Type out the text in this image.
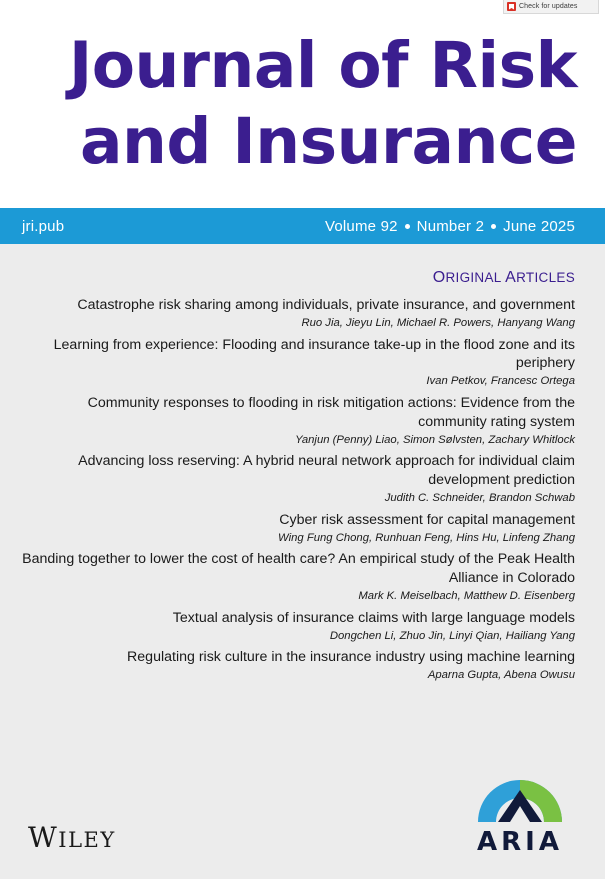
Check for updates
Journal of Risk
and Insurance
jri.pub	Volume 92 Number 2 June 2025
ORIGINAL ARTICLES
Catastrophe risk sharing among individuals, private insurance, and government
Ruo Jia, Jieyu Lin, Michael R. Powers, Hanyang Wang
Learning from experience: Flooding and insurance take-up in the flood zone and its periphery
Ivan Petkov, Francesc Ortega
Community responses to flooding in risk mitigation actions: Evidence from the community rating system
Yanjun (Penny) Liao, Simon Sølvsten, Zachary Whitlock
Advancing loss reserving: A hybrid neural network approach for individual claim development prediction
Judith C. Schneider, Brandon Schwab
Cyber risk assessment for capital management
Wing Fung Chong, Runhuan Feng, Hins Hu, Linfeng Zhang
Banding together to lower the cost of health care? An empirical study of the Peak Health Alliance in Colorado
Mark K. Meiselbach, Matthew D. Eisenberg
Textual analysis of insurance claims with large language models
Dongchen Li, Zhuo Jin, Linyi Qian, Hailiang Yang
Regulating risk culture in the insurance industry using machine learning
Aparna Gupta, Abena Owusu
WILEY	ARIA
